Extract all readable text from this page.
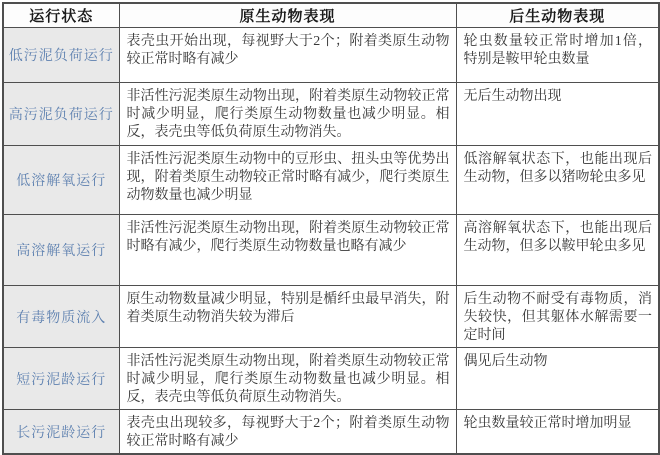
运行状态	原生动物表现	后生动物表现
低污泥负荷运行	表壳虫开始出现，每视野大于2个；附着类原生动物较正常时略有减少	轮虫数量较正常时增加1倍，特别是鞍甲轮虫数量
高污泥负荷运行	非活性污泥类原生动物出现，附着类原生动物较正常时减少明显，爬行类原生动物数量也减少明显。相反，表壳虫等低负荷原生动物消失。	无后生动物出现
低溶解氧运行	非活性污泥类原生动物中的豆形虫、扭头虫等优势出现，附着类原生动物较正常时略有减少，爬行类原生动物数量也减少明显	低溶解氧状态下，也能出现后生动物，但多以猪吻轮虫多见
高溶解氧运行	非活性污泥类原生动物出现，附着类原生动物较正常时略有减少，爬行类原生动物数量也略有减少	高溶解氧状态下，也能出现后生动物，但多以鞍甲轮虫多见
有毒物质流入	原生动物数量减少明显，特别是楯纤虫最早消失，附着类原生动物消失较为滞后	后生动物不耐受有毒物质，消失较快，但其躯体水解需要一定时间
短污泥龄运行	非活性污泥类原生动物出现，附着类原生动物较正常时减少明显，爬行类原生动物数量也减少明显。相反，表壳虫等低负荷原生动物消失。	偶见后生动物
长污泥龄运行	表壳虫出现较多，每视野大于2个；附着类原生动物较正常时略有减少	轮虫数量较正常时增加明显
